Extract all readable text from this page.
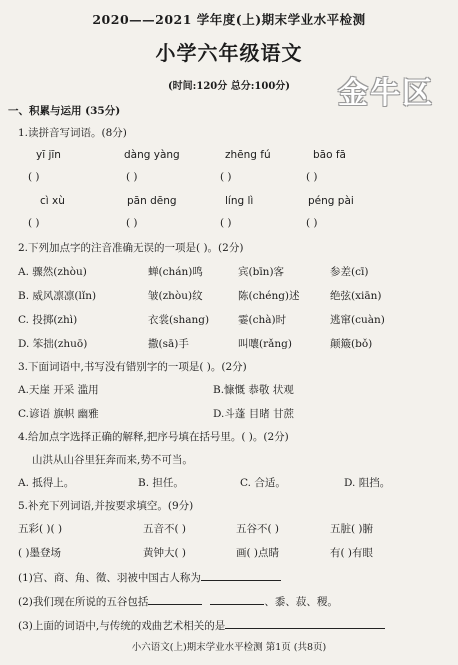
2020——2021 学年度(上)期末学业水平检测
小学六年级语文
(时间:120分 总分:100分)	金牛区
一、积累与运用 (35分)
1.读拼音写词语。(8分)
yī jīn	dàng yàng	zhēng fú	bāo fā
( )	( )	( )	( )
cì xù	pān dēng	líng lì	péng pài
( )	( )	( )	( )
2.下列加点字的注音准确无误的一项是( )。(2分)
A. 骤然(zhòu)	蝉(chán)鸣	宾(bīn)客	参差(cī)
B. 威风凛凛(lǐn)	皱(zhòu)纹	陈(chéng)述	绝弦(xiān)
C. 投掷(zhì)	衣裳(shang)	霎(chà)时	逃窜(cuàn)
D. 笨拙(zhuō)	撒(sā)手	叫嚷(rǎng)	颠簸(bǒ)
3.下面词语中,书写没有错别字的一项是( )。(2分)
A.天崖 开采 滥用	B.慷慨 恭敬 状观
C.谚语 旗帜 幽雅	D.斗蓬 目睹 甘蔗
4.给加点字选择正确的解释,把序号填在括号里。( )。(2分)
山洪从山谷里狂奔而来,势不可当。
A. 抵得上。	B. 担任。	C. 合适。	D. 阻挡。
5.补充下列词语,并按要求填空。(9分)
五彩( )( )	五音不( )	五谷不( )	五脏( )腑
( )墨登场	黄钟大( )	画( )点睛	有( )有眼
(1)宫、商、角、徵、羽被中国古人称为
(2)我们现在所说的五谷包括	、黍、菽、稷。
(3)上面的词语中,与传统的戏曲艺术相关的是
小六语文(上)期末学业水平检测 第1页 (共8页)
